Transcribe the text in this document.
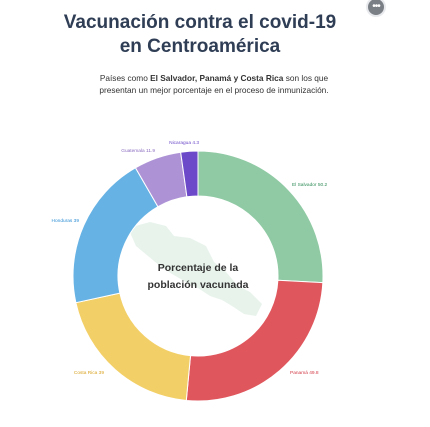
Vacunación contra el covid-19
en Centroamérica
Países como El Salvador, Panamá y Costa Rica son los que
presentan un mejor porcentaje en el proceso de inmunización.
•••
Porcentaje de la
población vacunada
El Salvador 50.2
Panamá 49.8
Costa Rica 39
Honduras 39
Guatemala 11.9
Nicaragua 4.3
